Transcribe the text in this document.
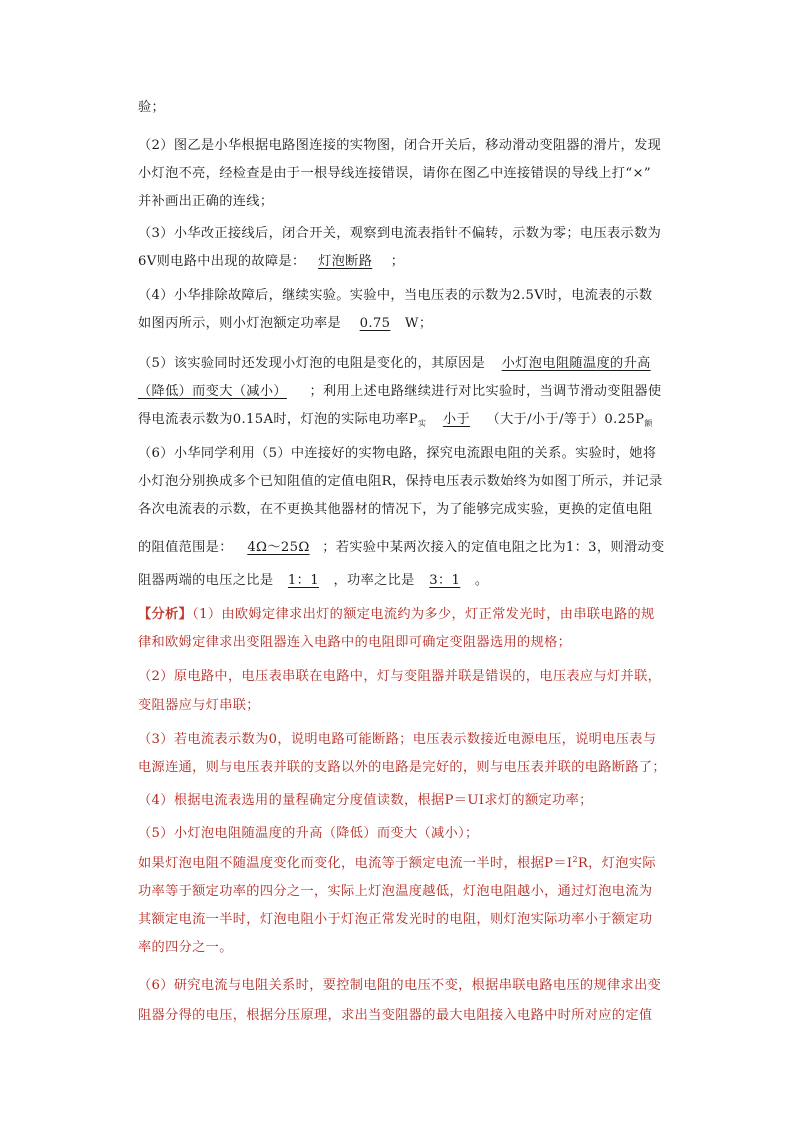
验；
（2）图乙是小华根据电路图连接的实物图，闭合开关后，移动滑动变阻器的滑片，发现
小灯泡不亮，经检查是由于一根导线连接错误，请你在图乙中连接错误的导线上打“×”
并补画出正确的连线；
（3）小华改正接线后，闭合开关，观察到电流表指针不偏转，示数为零；电压表示数为
6V则电路中出现的故障是： 灯泡断路 ；
（4）小华排除故障后，继续实验。实验中，当电压表的示数为2.5V时，电流表的示数
如图丙所示，则小灯泡额定功率是 0.75 W；
（5）该实验同时还发现小灯泡的电阻是变化的，其原因是 小灯泡电阻随温度的升高
（降低）而变大（减小） ；利用上述电路继续进行对比实验时，当调节滑动变阻器使
得电流表示数为0.15A时，灯泡的实际电功率$P_实$ 小于 （大于/小于/等于）$0.25P_额$
（6）小华同学利用（5）中连接好的实物电路，探究电流跟电阻的关系。实验时，她将
小灯泡分别换成多个已知阻值的定值电阻R，保持电压表示数始终为如图丁所示，并记录
各次电流表的示数，在不更换其他器材的情况下，为了能够完成实验，更换的定值电阻
的阻值范围是： 4Ω～25Ω ；若实验中某两次接入的定值电阻之比为1：3，则滑动变
阻器两端的电压之比是 1：1 ，功率之比是 3：1 。
【分析】（1）由欧姆定律求出灯的额定电流约为多少，灯正常发光时，由串联电路的规
律和欧姆定律求出变阻器连入电路中的电阻即可确定变阻器选用的规格；
（2）原电路中，电压表串联在电路中，灯与变阻器并联是错误的，电压表应与灯并联，
变阻器应与灯串联；
（3）若电流表示数为0，说明电路可能断路；电压表示数接近电源电压，说明电压表与
电源连通，则与电压表并联的支路以外的电路是完好的，则与电压表并联的电路断路了；
（4）根据电流表选用的量程确定分度值读数，根据P＝UI求灯的额定功率；
（5）小灯泡电阻随温度的升高（降低）而变大（减小）；
如果灯泡电阻不随温度变化而变化，电流等于额定电流一半时，根据$P=I^2R$，灯泡实际
功率等于额定功率的四分之一，实际上灯泡温度越低，灯泡电阻越小，通过灯泡电流为
其额定电流一半时，灯泡电阻小于灯泡正常发光时的电阻，则灯泡实际功率小于额定功
率的四分之一。
（6）研究电流与电阻关系时，要控制电阻的电压不变，根据串联电路电压的规律求出变
阻器分得的电压，根据分压原理，求出当变阻器的最大电阻接入电路中时所对应的定值
